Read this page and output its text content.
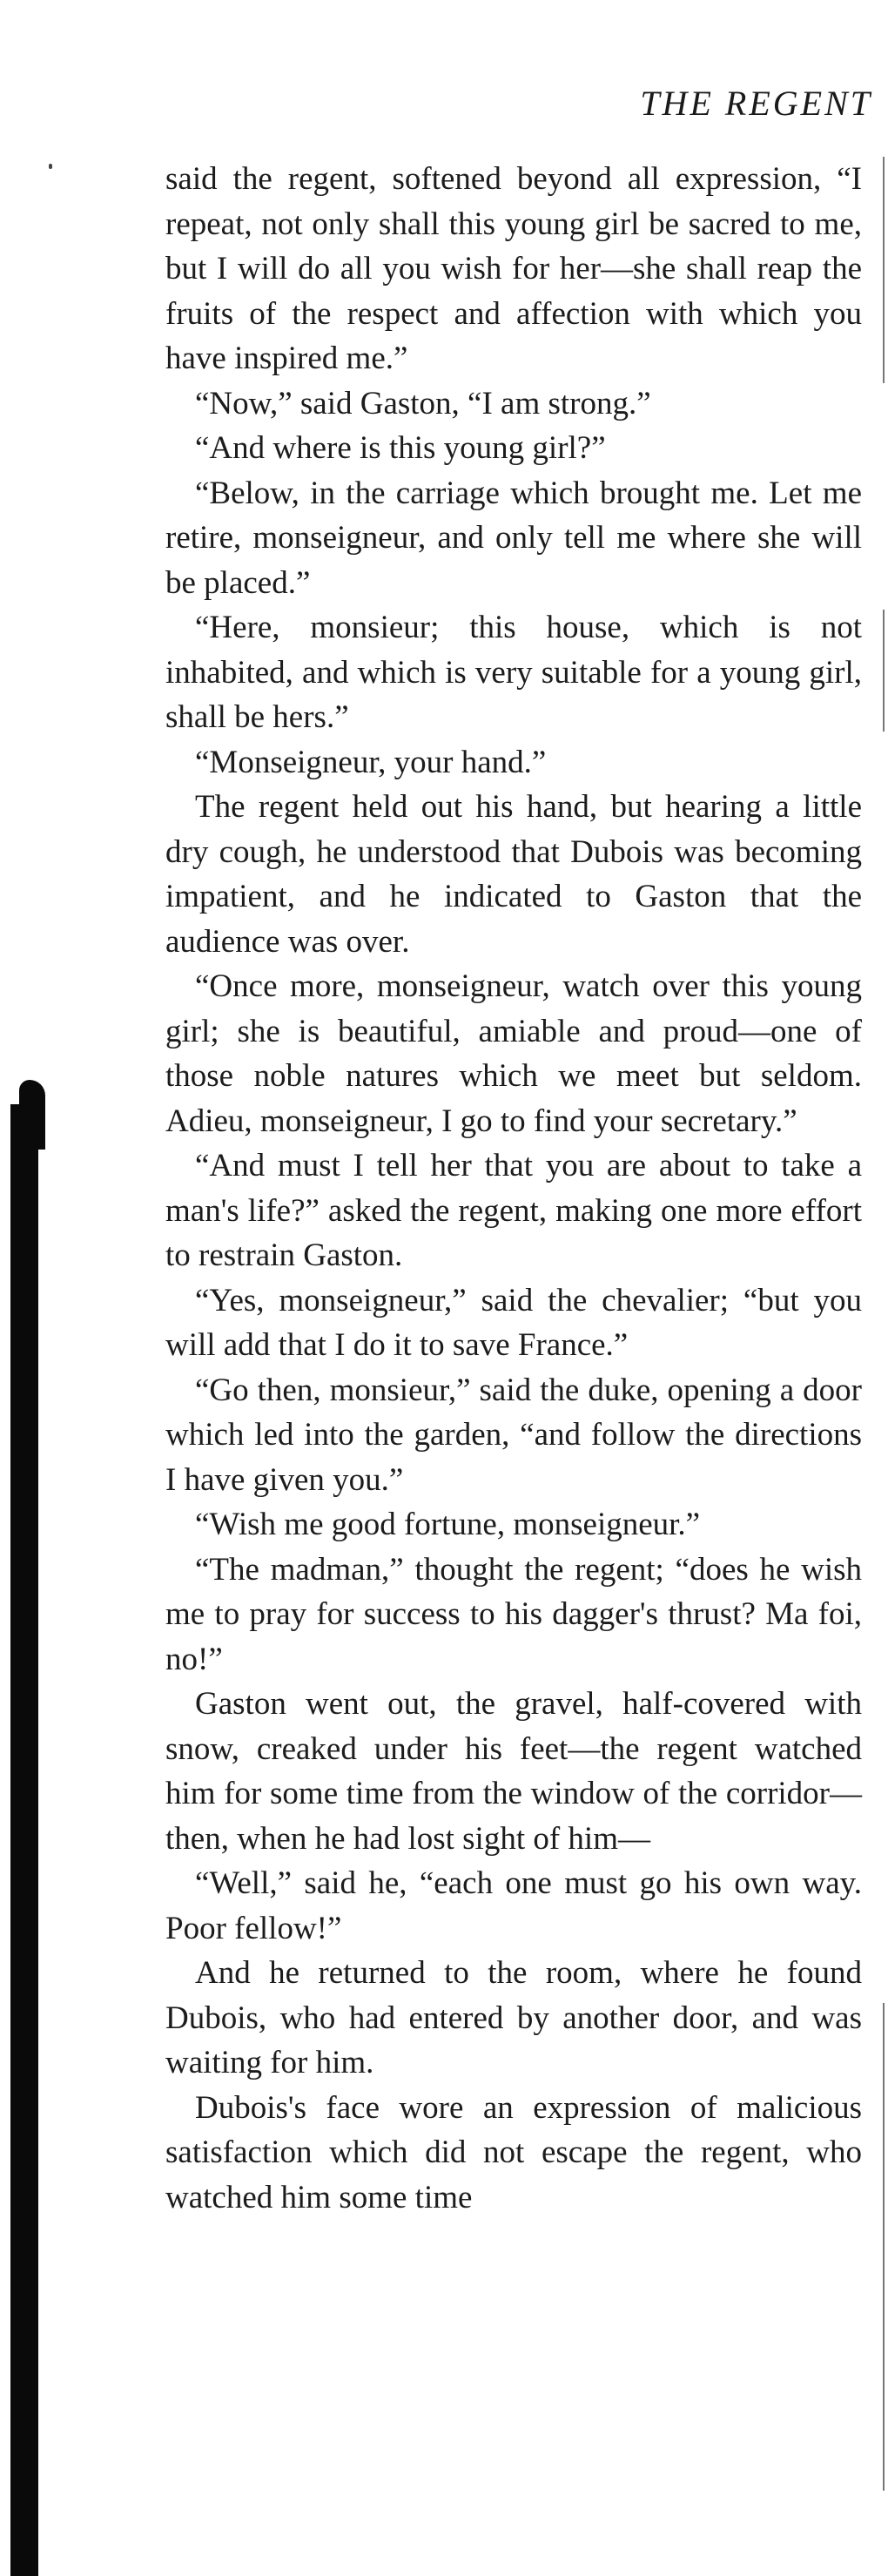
THE REGENT

said the regent, softened beyond all expression, “I repeat, not only shall this young girl be sacred to me, but I will do all you wish for her—she shall reap the fruits of the respect and affection with which you have inspired me.”

“Now,” said Gaston, “I am strong.”

“And where is this young girl?”

“Below, in the carriage which brought me. Let me retire, monseigneur, and only tell me where she will be placed.”

“Here, monsieur; this house, which is not inhabited, and which is very suitable for a young girl, shall be hers.”

“Monseigneur, your hand.”

The regent held out his hand, but hearing a little dry cough, he understood that Dubois was becoming impatient, and he indicated to Gaston that the audience was over.

“Once more, monseigneur, watch over this young girl; she is beautiful, amiable and proud—one of those noble natures which we meet but seldom. Adieu, monseigneur, I go to find your secretary.”

“And must I tell her that you are about to take a man's life?” asked the regent, making one more effort to restrain Gaston.

“Yes, monseigneur,” said the chevalier; “but you will add that I do it to save France.”

“Go then, monsieur,” said the duke, opening a door which led into the garden, “and follow the directions I have given you.”

“Wish me good fortune, monseigneur.”

“The madman,” thought the regent; “does he wish me to pray for success to his dagger's thrust? Ma foi, no!”

Gaston went out, the gravel, half-covered with snow, creaked under his feet—the regent watched him for some time from the window of the corridor—then, when he had lost sight of him—

“Well,” said he, “each one must go his own way. Poor fellow!”

And he returned to the room, where he found Dubois, who had entered by another door, and was waiting for him.

Dubois's face wore an expression of malicious satisfaction which did not escape the regent, who watched him some time
